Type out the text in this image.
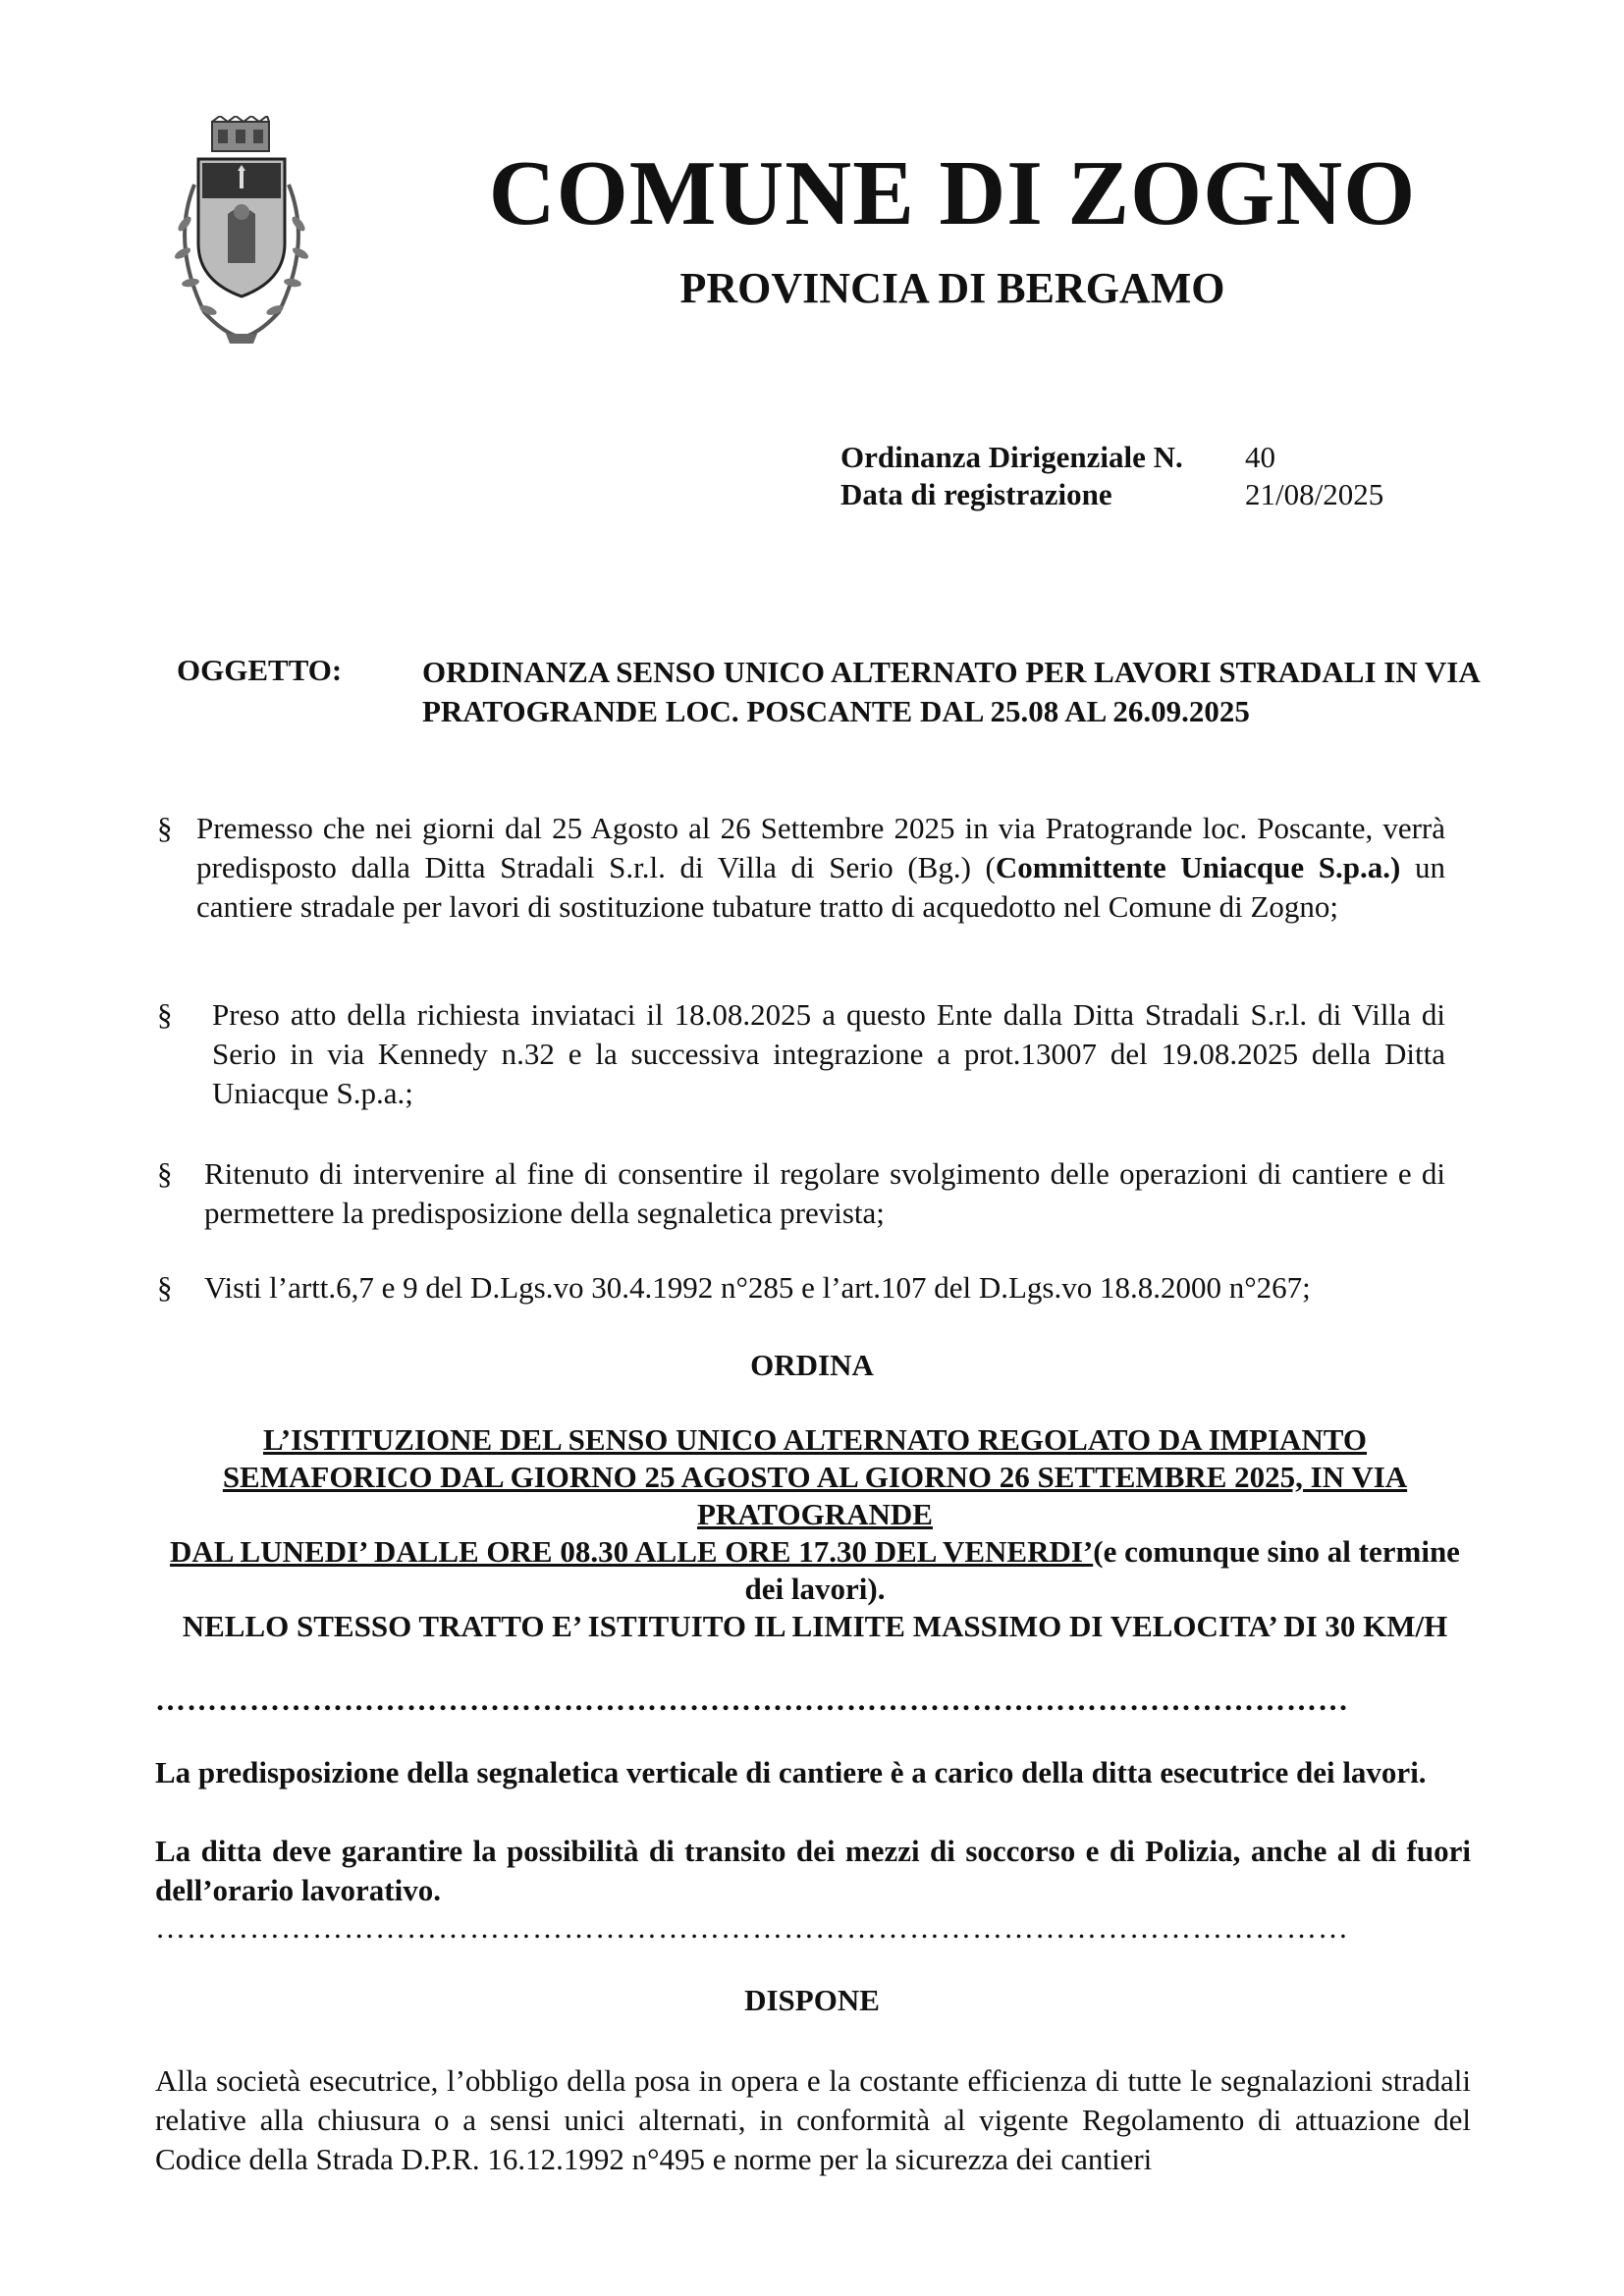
COMUNE DI ZOGNO
PROVINCIA DI BERGAMO
Ordinanza Dirigenziale N. 40
Data di registrazione	21/08/2025
OGGETTO:	ORDINANZA SENSO UNICO ALTERNATO PER LAVORI STRADALI IN VIA PRATOGRANDE LOC. POSCANTE DAL 25.08 AL 26.09.2025
§ Premesso che nei giorni dal 25 Agosto al 26 Settembre 2025 in via Pratogrande loc. Poscante, verrà predisposto dalla Ditta Stradali S.r.l. di Villa di Serio (Bg.) (Committente Uniacque S.p.a.) un cantiere stradale per lavori di sostituzione tubature tratto di acquedotto nel Comune di Zogno;
§ Preso atto della richiesta inviataci il 18.08.2025 a questo Ente dalla Ditta Stradali S.r.l. di Villa di Serio in via Kennedy n.32 e la successiva integrazione a prot.13007 del 19.08.2025 della Ditta Uniacque S.p.a.;
§ Ritenuto di intervenire al fine di consentire il regolare svolgimento delle operazioni di cantiere e di permettere la predisposizione della segnaletica prevista;
§ Visti l’artt.6,7 e 9 del D.Lgs.vo 30.4.1992 n°285 e l’art.107 del D.Lgs.vo 18.8.2000 n°267;
ORDINA
L’ISTITUZIONE DEL SENSO UNICO ALTERNATO REGOLATO DA IMPIANTO
SEMAFORICO DAL GIORNO 25 AGOSTO AL GIORNO 26 SETTEMBRE 2025, IN VIA
PRATOGRANDE
DAL LUNEDI’ DALLE ORE 08.30 ALLE ORE 17.30 DEL VENERDI’(e comunque sino al termine dei lavori).
NELLO STESSO TRATTO E’ ISTITUITO IL LIMITE MASSIMO DI VELOCITA’ DI 30 KM/H
……………………………………………………………………………………………………
La predisposizione della segnaletica verticale di cantiere è a carico della ditta esecutrice dei lavori.
La ditta deve garantire la possibilità di transito dei mezzi di soccorso e di Polizia, anche al di fuori dell’orario lavorativo.
……………………………………………………………………………………………………
DISPONE
Alla società esecutrice, l’obbligo della posa in opera e la costante efficienza di tutte le segnalazioni stradali relative alla chiusura o a sensi unici alternati, in conformità al vigente Regolamento di attuazione del Codice della Strada D.P.R. 16.12.1992 n°495 e norme per la sicurezza dei cantieri
